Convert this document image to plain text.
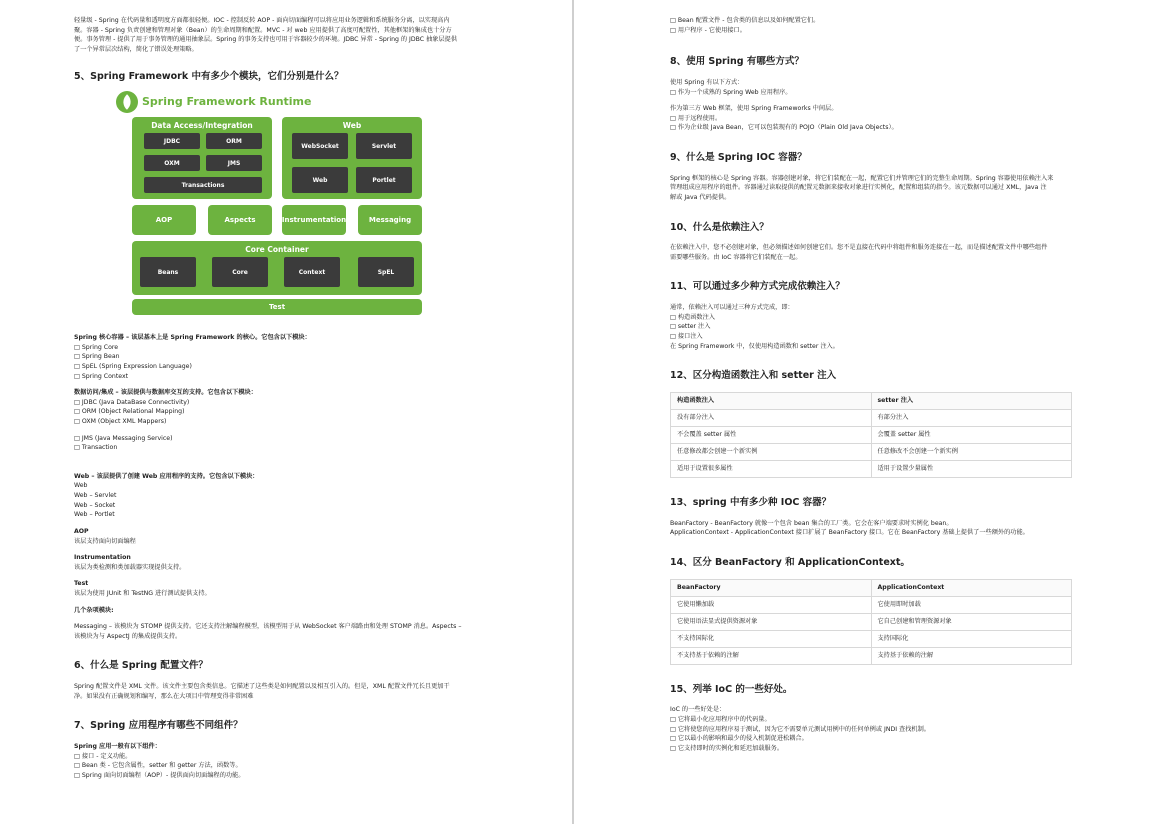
轻量级 - Spring 在代码量和透明度方面都很轻便。IOC - 控制反转 AOP - 面向切面编程可以将应用业务逻辑和系统服务分离，以实现高内
聚。容器 - Spring 负责创建和管理对象（Bean）的生命周期和配置。MVC - 对 web 应用提供了高度可配置性，其他框架的集成也十分方
便。事务管理 - 提供了用于事务管理的通用抽象层。Spring 的事务支持也可用于容器较少的环境。JDBC 异常 - Spring 的 JDBC 抽象层提供
了一个异常层次结构，简化了错误处理策略。
5、Spring Framework 中有多少个模块，它们分别是什么？
Spring Framework Runtime
Data Access/Integration
JDBC	ORM
OXM	JMS
Transactions
Web
WebSocket	Servlet
Web	Portlet
AOP	Aspects	Instrumentation	Messaging
Core Container
Beans	Core	Context	SpEL
Test
Spring 核心容器 – 该层基本上是 Spring Framework 的核心。它包含以下模块：
□ Spring Core
□ Spring Bean
□ SpEL (Spring Expression Language)
□ Spring Context
数据访问/集成 – 该层提供与数据库交互的支持。它包含以下模块：
□ JDBC (Java DataBase Connectivity)
□ ORM (Object Relational Mapping)
□ OXM (Object XML Mappers)
□ JMS (Java Messaging Service)
□ Transaction
Web – 该层提供了创建 Web 应用程序的支持。它包含以下模块：
Web
Web – Servlet
Web – Socket
Web – Portlet
AOP
该层支持面向切面编程
Instrumentation
该层为类检测和类加载器实现提供支持。
Test
该层为使用 JUnit 和 TestNG 进行测试提供支持。
几个杂项模块:
Messaging – 该模块为 STOMP 提供支持。它还支持注解编程模型，该模型用于从 WebSocket 客户端路由和处理 STOMP 消息。Aspects –
该模块为与 AspectJ 的集成提供支持。
6、什么是 Spring 配置文件？
Spring 配置文件是 XML 文件。该文件主要包含类信息。它描述了这些类是如何配置以及相互引入的。但是，XML 配置文件冗长且更加干
净。如果没有正确规划和编写，那么在大项目中管理变得非常困难
7、Spring 应用程序有哪些不同组件？
Spring 应用一般有以下组件：
□ 接口 - 定义功能。
□ Bean 类 - 它包含属性，setter 和 getter 方法，函数等。
□ Spring 面向切面编程（AOP）- 提供面向切面编程的功能。
□ Bean 配置文件 - 包含类的信息以及如何配置它们。
□ 用户程序 - 它使用接口。
8、使用 Spring 有哪些方式？
使用 Spring 有以下方式：
□ 作为一个成熟的 Spring Web 应用程序。
作为第三方 Web 框架，使用 Spring Frameworks 中间层。
□ 用于远程使用。
□ 作为企业级 Java Bean，它可以包装现有的 POJO（Plain Old Java Objects）。
9、什么是 Spring IOC 容器？
Spring 框架的核心是 Spring 容器。容器创建对象，将它们装配在一起，配置它们并管理它们的完整生命周期。Spring 容器使用依赖注入来
管理组成应用程序的组件。容器通过读取提供的配置元数据来接收对象进行实例化，配置和组装的指令。该元数据可以通过 XML，Java 注
解或 Java 代码提供。
10、什么是依赖注入？
在依赖注入中，您不必创建对象，但必须描述如何创建它们。您不是直接在代码中将组件和服务连接在一起，而是描述配置文件中哪些组件
需要哪些服务。由 IoC 容器将它们装配在一起。
11、可以通过多少种方式完成依赖注入？
通常，依赖注入可以通过三种方式完成，即：
□ 构造函数注入
□ setter 注入
□ 接口注入
在 Spring Framework 中，仅使用构造函数和 setter 注入。
12、区分构造函数注入和 setter 注入
构造函数注入	setter 注入
没有部分注入	有部分注入
不会覆盖 setter 属性	会覆盖 setter 属性
任意修改都会创建一个新实例	任意修改不会创建一个新实例
适用于设置很多属性	适用于设置少量属性
13、spring 中有多少种 IOC 容器？
BeanFactory - BeanFactory 就像一个包含 bean 集合的工厂类。它会在客户端要求时实例化 bean。
ApplicationContext - ApplicationContext 接口扩展了 BeanFactory 接口。它在 BeanFactory 基础上提供了一些额外的功能。
14、区分 BeanFactory 和 ApplicationContext。
BeanFactory	ApplicationContext
它使用懒加载	它使用即时加载
它使用语法显式提供资源对象	它自己创建和管理资源对象
不支持国际化	支持国际化
不支持基于依赖的注解	支持基于依赖的注解
15、列举 IoC 的一些好处。
IoC 的一些好处是：
□ 它将最小化应用程序中的代码量。
□ 它将使您的应用程序易于测试，因为它不需要单元测试用例中的任何单例或 JNDI 查找机制。
□ 它以最小的影响和最少的侵入机制促进松耦合。
□ 它支持即时的实例化和延迟加载服务。
